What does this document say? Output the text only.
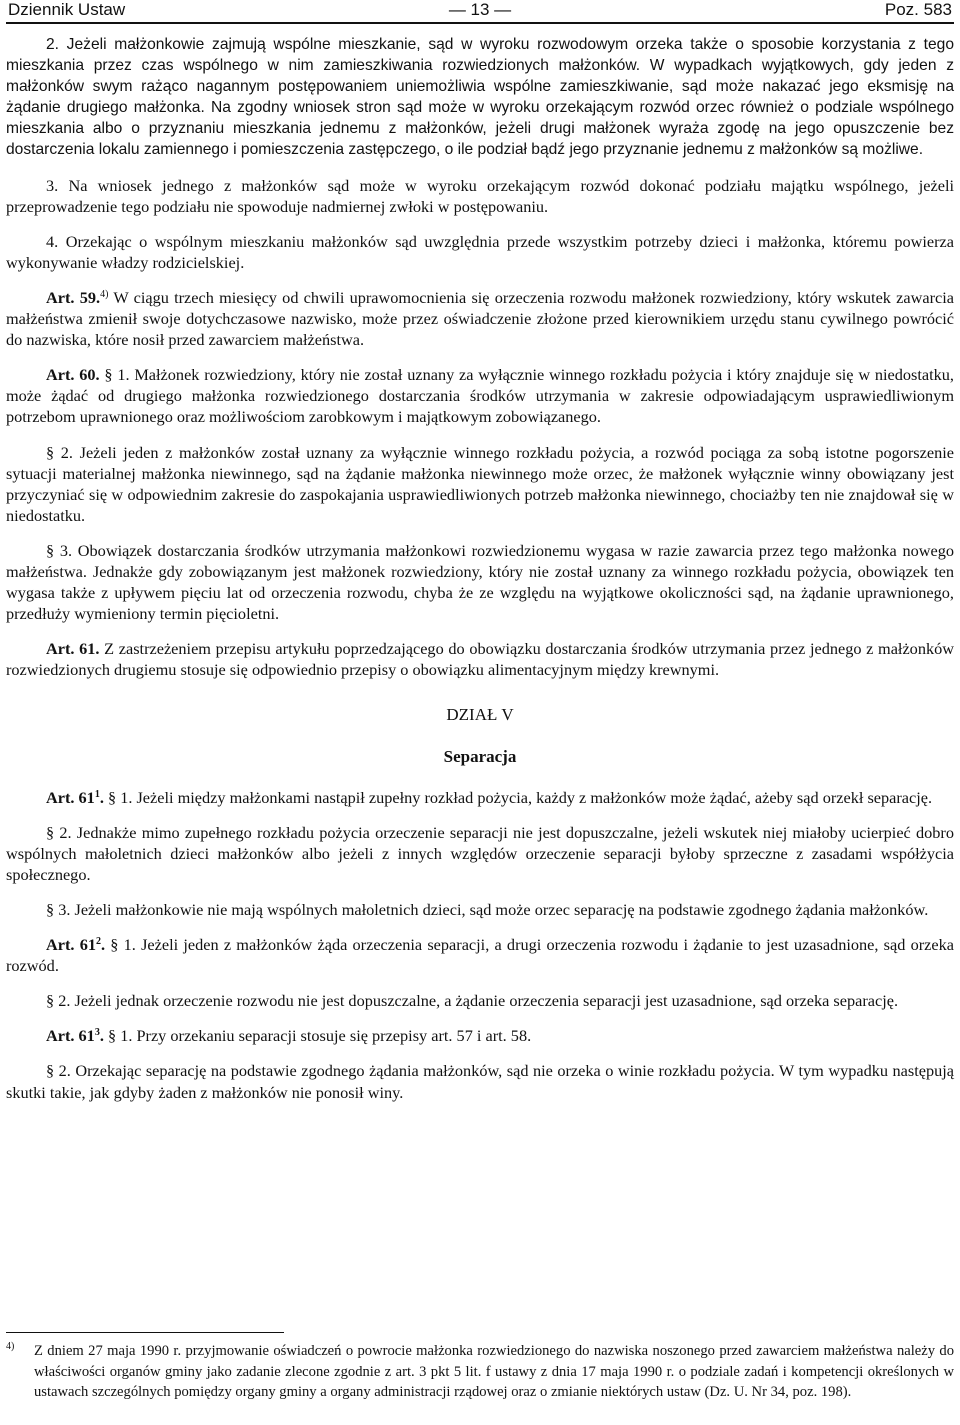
Dziennik Ustaw	— 13 —	Poz. 583

2. Jeżeli małżonkowie zajmują wspólne mieszkanie, sąd w wyroku rozwodowym orzeka także o sposobie korzystania z tego mieszkania przez czas wspólnego w nim zamieszkiwania rozwiedzionych małżonków. W wypadkach wyjątkowych, gdy jeden z małżonków swym rażąco nagannym postępowaniem uniemożliwia wspólne zamieszkiwanie, sąd może nakazać jego eksmisję na żądanie drugiego małżonka. Na zgodny wniosek stron sąd może w wyroku orzekającym rozwód orzec również o podziale wspólnego mieszkania albo o przyznaniu mieszkania jednemu z małżonków, jeżeli drugi małżonek wyraża zgodę na jego opuszczenie bez dostarczenia lokalu zamiennego i pomieszczenia zastępczego, o ile podział bądź jego przyznanie jednemu z małżonków są możliwe.

3. Na wniosek jednego z małżonków sąd może w wyroku orzekającym rozwód dokonać podziału majątku wspólnego, jeżeli przeprowadzenie tego podziału nie spowoduje nadmiernej zwłoki w postępowaniu.

4. Orzekając o wspólnym mieszkaniu małżonków sąd uwzględnia przede wszystkim potrzeby dzieci i małżonka, któremu powierza wykonywanie władzy rodzicielskiej.

Art. 59.$^{4)}$ W ciągu trzech miesięcy od chwili uprawomocnienia się orzeczenia rozwodu małżonek rozwiedziony, który wskutek zawarcia małżeństwa zmienił swoje dotychczasowe nazwisko, może przez oświadczenie złożone przed kierownikiem urzędu stanu cywilnego powrócić do nazwiska, które nosił przed zawarciem małżeństwa.

Art. 60. § 1. Małżonek rozwiedziony, który nie został uznany za wyłącznie winnego rozkładu pożycia i który znajduje się w niedostatku, może żądać od drugiego małżonka rozwiedzionego dostarczania środków utrzymania w zakresie odpowiadającym usprawiedliwionym potrzebom uprawnionego oraz możliwościom zarobkowym i majątkowym zobowiązanego.

§ 2. Jeżeli jeden z małżonków został uznany za wyłącznie winnego rozkładu pożycia, a rozwód pociąga za sobą istotne pogorszenie sytuacji materialnej małżonka niewinnego, sąd na żądanie małżonka niewinnego może orzec, że małżonek wyłącznie winny obowiązany jest przyczyniać się w odpowiednim zakresie do zaspokajania usprawiedliwionych potrzeb małżonka niewinnego, chociażby ten nie znajdował się w niedostatku.

§ 3. Obowiązek dostarczania środków utrzymania małżonkowi rozwiedzionemu wygasa w razie zawarcia przez tego małżonka nowego małżeństwa. Jednakże gdy zobowiązanym jest małżonek rozwiedziony, który nie został uznany za winnego rozkładu pożycia, obowiązek ten wygasa także z upływem pięciu lat od orzeczenia rozwodu, chyba że ze względu na wyjątkowe okoliczności sąd, na żądanie uprawnionego, przedłuży wymieniony termin pięcioletni.

Art. 61. Z zastrzeżeniem przepisu artykułu poprzedzającego do obowiązku dostarczania środków utrzymania przez jednego z małżonków rozwiedzionych drugiemu stosuje się odpowiednio przepisy o obowiązku alimentacyjnym między krewnymi.

DZIAŁ V

Separacja

Art. $61^1$. § 1. Jeżeli między małżonkami nastąpił zupełny rozkład pożycia, każdy z małżonków może żądać, ażeby sąd orzekł separację.

§ 2. Jednakże mimo zupełnego rozkładu pożycia orzeczenie separacji nie jest dopuszczalne, jeżeli wskutek niej miałoby ucierpieć dobro wspólnych małoletnich dzieci małżonków albo jeżeli z innych względów orzeczenie separacji byłoby sprzeczne z zasadami współżycia społecznego.

§ 3. Jeżeli małżonkowie nie mają wspólnych małoletnich dzieci, sąd może orzec separację na podstawie zgodnego żądania małżonków.

Art. $61^2$. § 1. Jeżeli jeden z małżonków żąda orzeczenia separacji, a drugi orzeczenia rozwodu i żądanie to jest uzasadnione, sąd orzeka rozwód.

§ 2. Jeżeli jednak orzeczenie rozwodu nie jest dopuszczalne, a żądanie orzeczenia separacji jest uzasadnione, sąd orzeka separację.

Art. $61^3$. § 1. Przy orzekaniu separacji stosuje się przepisy art. 57 i art. 58.

§ 2. Orzekając separację na podstawie zgodnego żądania małżonków, sąd nie orzeka o winie rozkładu pożycia. W tym wypadku następują skutki takie, jak gdyby żaden z małżonków nie ponosił winy.

4) Z dniem 27 maja 1990 r. przyjmowanie oświadczeń o powrocie małżonka rozwiedzionego do nazwiska noszonego przed zawarciem małżeństwa należy do właściwości organów gminy jako zadanie zlecone zgodnie z art. 3 pkt 5 lit. f ustawy z dnia 17 maja 1990 r. o podziale zadań i kompetencji określonych w ustawach szczególnych pomiędzy organy gminy a organy administracji rządowej oraz o zmianie niektórych ustaw (Dz. U. Nr 34, poz. 198).
